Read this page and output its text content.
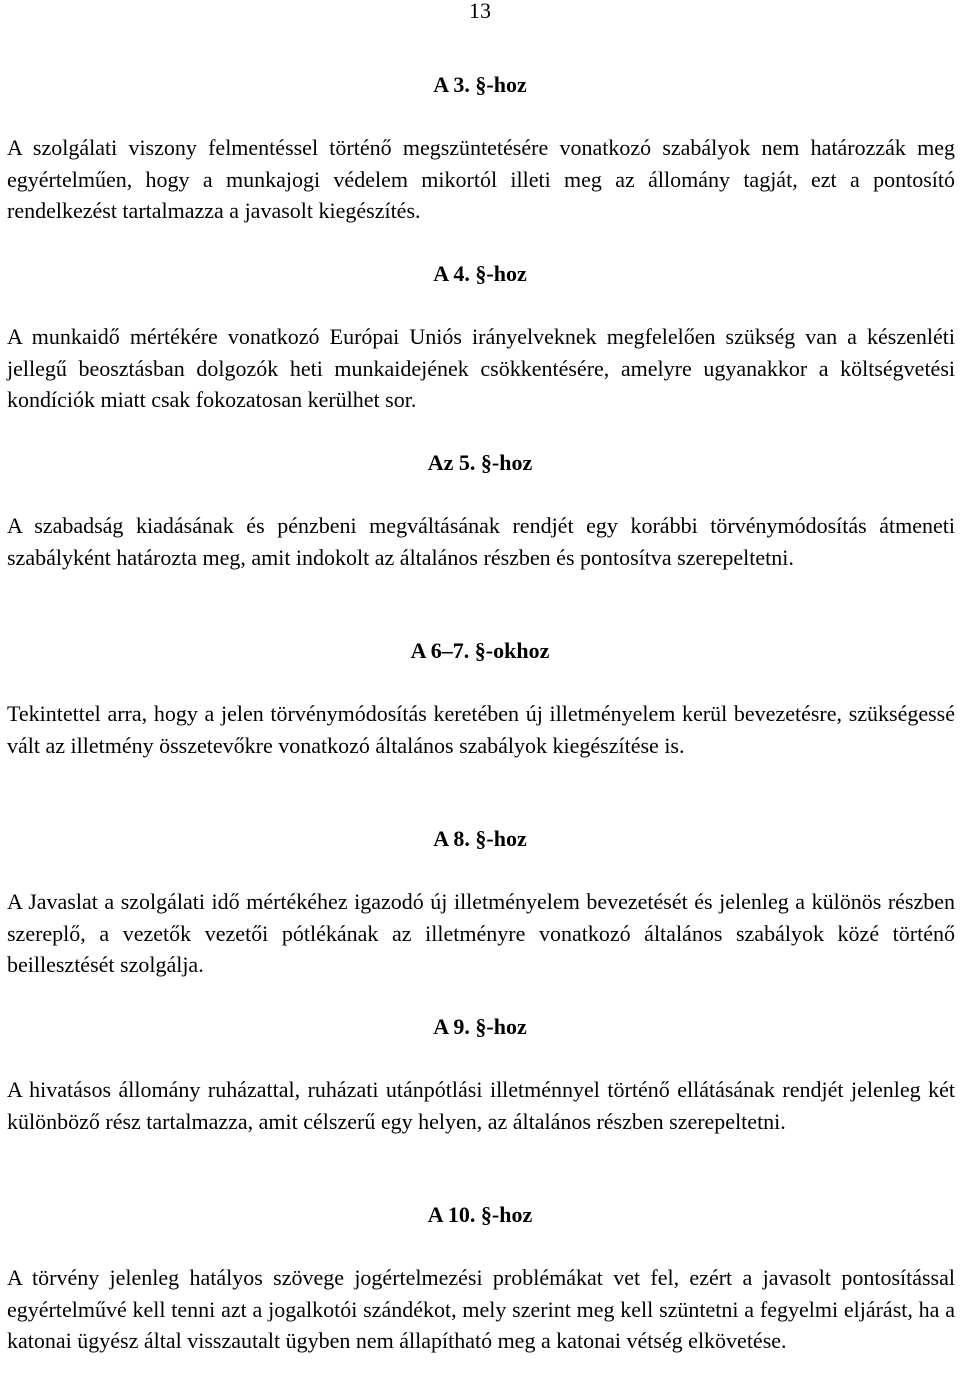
13
A 3. §-hoz

A szolgálati viszony felmentéssel történő megszüntetésére vonatkozó szabályok nem határozzák meg egyértelműen, hogy a munkajogi védelem mikortól illeti meg az állomány tagját, ezt a pontosító rendelkezést tartalmazza a javasolt kiegészítés.

A 4. §-hoz

A munkaidő mértékére vonatkozó Európai Uniós irányelveknek megfelelően szükség van a készenléti jellegű beosztásban dolgozók heti munkaidejének csökkentésére, amelyre ugyanakkor a költségvetési kondíciók miatt csak fokozatosan kerülhet sor.

Az 5. §-hoz

A szabadság kiadásának és pénzbeni megváltásának rendjét egy korábbi törvénymódosítás átmeneti szabályként határozta meg, amit indokolt az általános részben és pontosítva szerepeltetni.

A 6–7. §-okhoz

Tekintettel arra, hogy a jelen törvénymódosítás keretében új illetményelem kerül bevezetésre, szükségessé vált az illetmény összetevőkre vonatkozó általános szabályok kiegészítése is.

A 8. §-hoz

A Javaslat a szolgálati idő mértékéhez igazodó új illetményelem bevezetését és jelenleg a különös részben szereplő, a vezetők vezetői pótlékának az illetményre vonatkozó általános szabályok közé történő beillesztését szolgálja.

A 9. §-hoz

A hivatásos állomány ruházattal, ruházati utánpótlási illetménnyel történő ellátásának rendjét jelenleg két különböző rész tartalmazza, amit célszerű egy helyen, az általános részben szerepeltetni.

A 10. §-hoz

A törvény jelenleg hatályos szövege jogértelmezési problémákat vet fel, ezért a javasolt pontosítással egyértelművé kell tenni azt a jogalkotói szándékot, mely szerint meg kell szüntetni a fegyelmi eljárást, ha a katonai ügyész által visszautalt ügyben nem állapítható meg a katonai vétség elkövetése.
